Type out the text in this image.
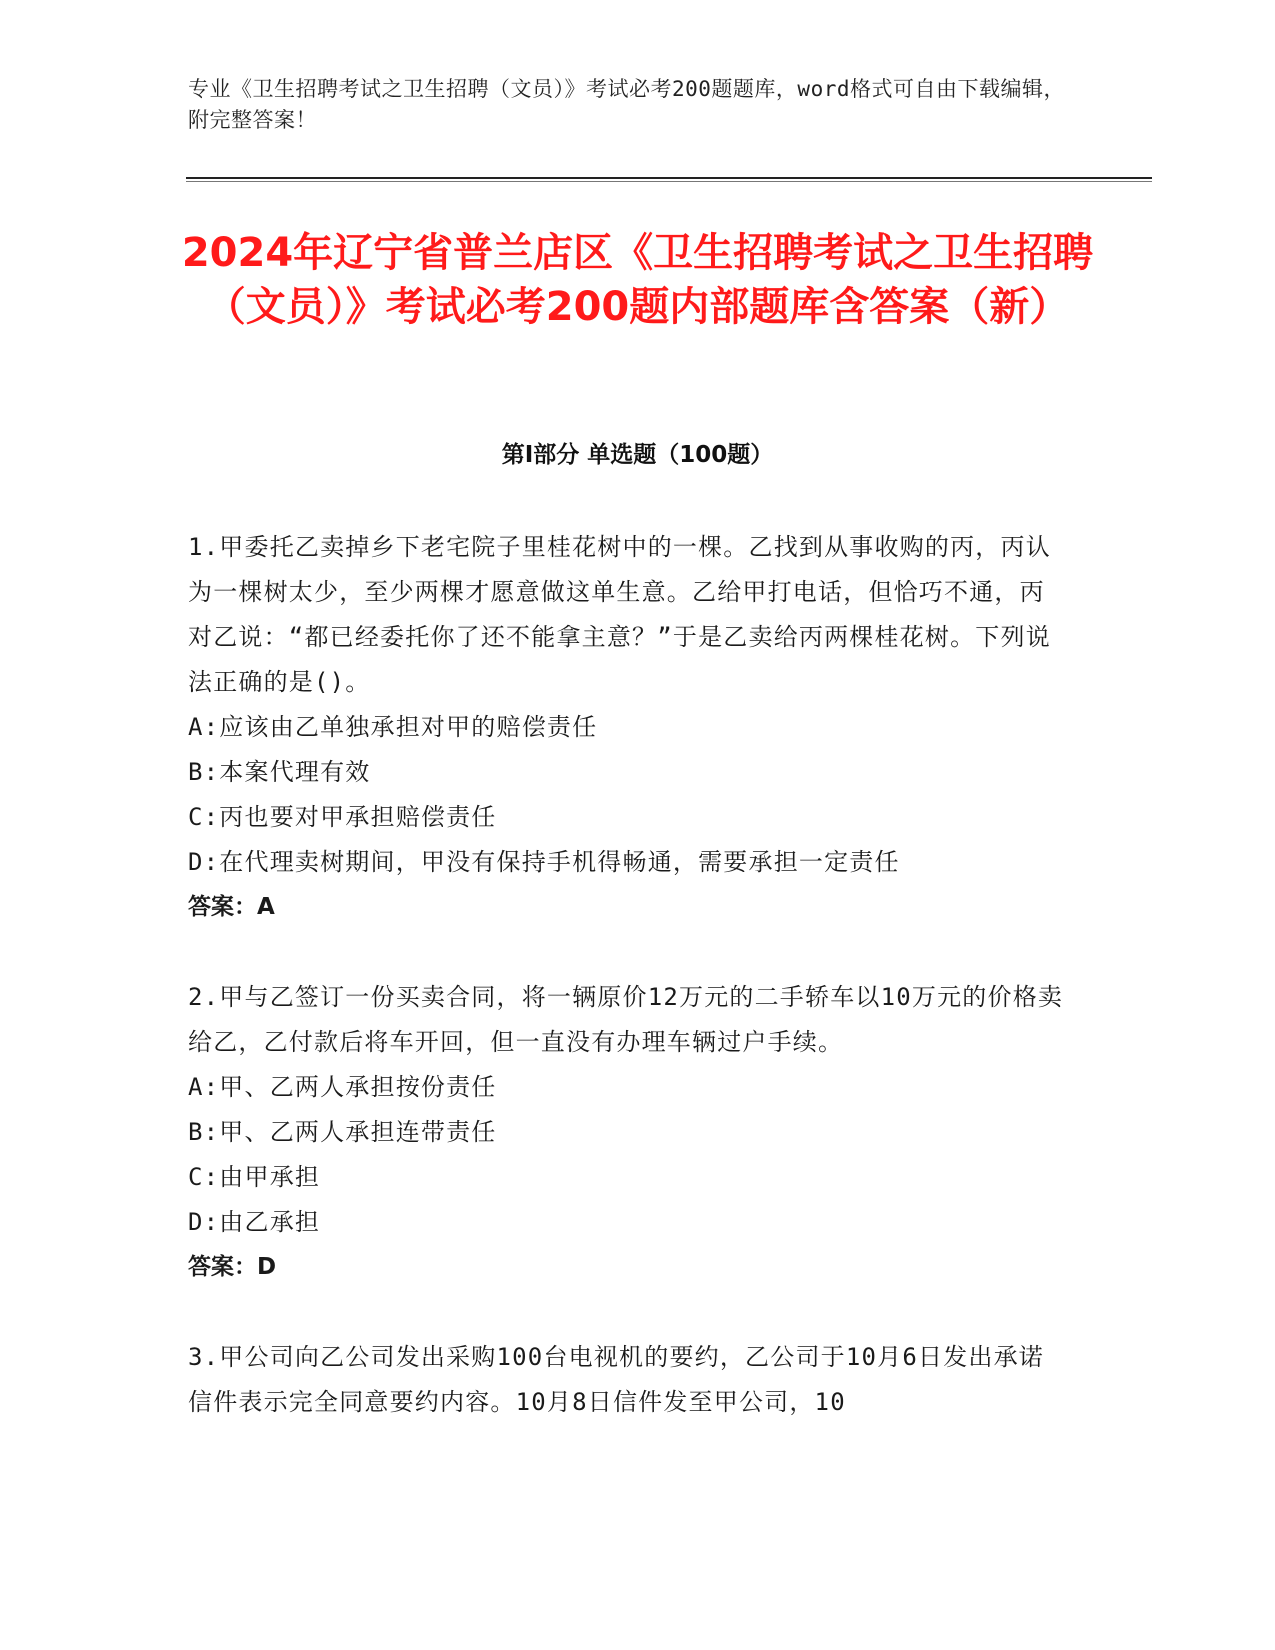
专业《卫生招聘考试之卫生招聘（文员）》考试必考200题题库，word格式可自由下载编辑，附完整答案！
2024年辽宁省普兰店区《卫生招聘考试之卫生招聘（文员）》考试必考200题内部题库含答案（新）
第I部分 单选题（100题）

1.甲委托乙卖掉乡下老宅院子里桂花树中的一棵。乙找到从事收购的丙，丙认为一棵树太少，至少两棵才愿意做这单生意。乙给甲打电话，但恰巧不通，丙对乙说：“都已经委托你了还不能拿主意？”于是乙卖给丙两棵桂花树。下列说法正确的是()。

A:应该由乙单独承担对甲的赔偿责任

B:本案代理有效

C:丙也要对甲承担赔偿责任

D:在代理卖树期间，甲没有保持手机得畅通，需要承担一定责任

答案：A

2.甲与乙签订一份买卖合同，将一辆原价12万元的二手轿车以10万元的价格卖给乙，乙付款后将车开回，但一直没有办理车辆过户手续。

A:甲、乙两人承担按份责任

B:甲、乙两人承担连带责任

C:由甲承担

D:由乙承担

答案：D

3.甲公司向乙公司发出采购100台电视机的要约，乙公司于10月6日发出承诺信件表示完全同意要约内容。10月8日信件发至甲公司，10
